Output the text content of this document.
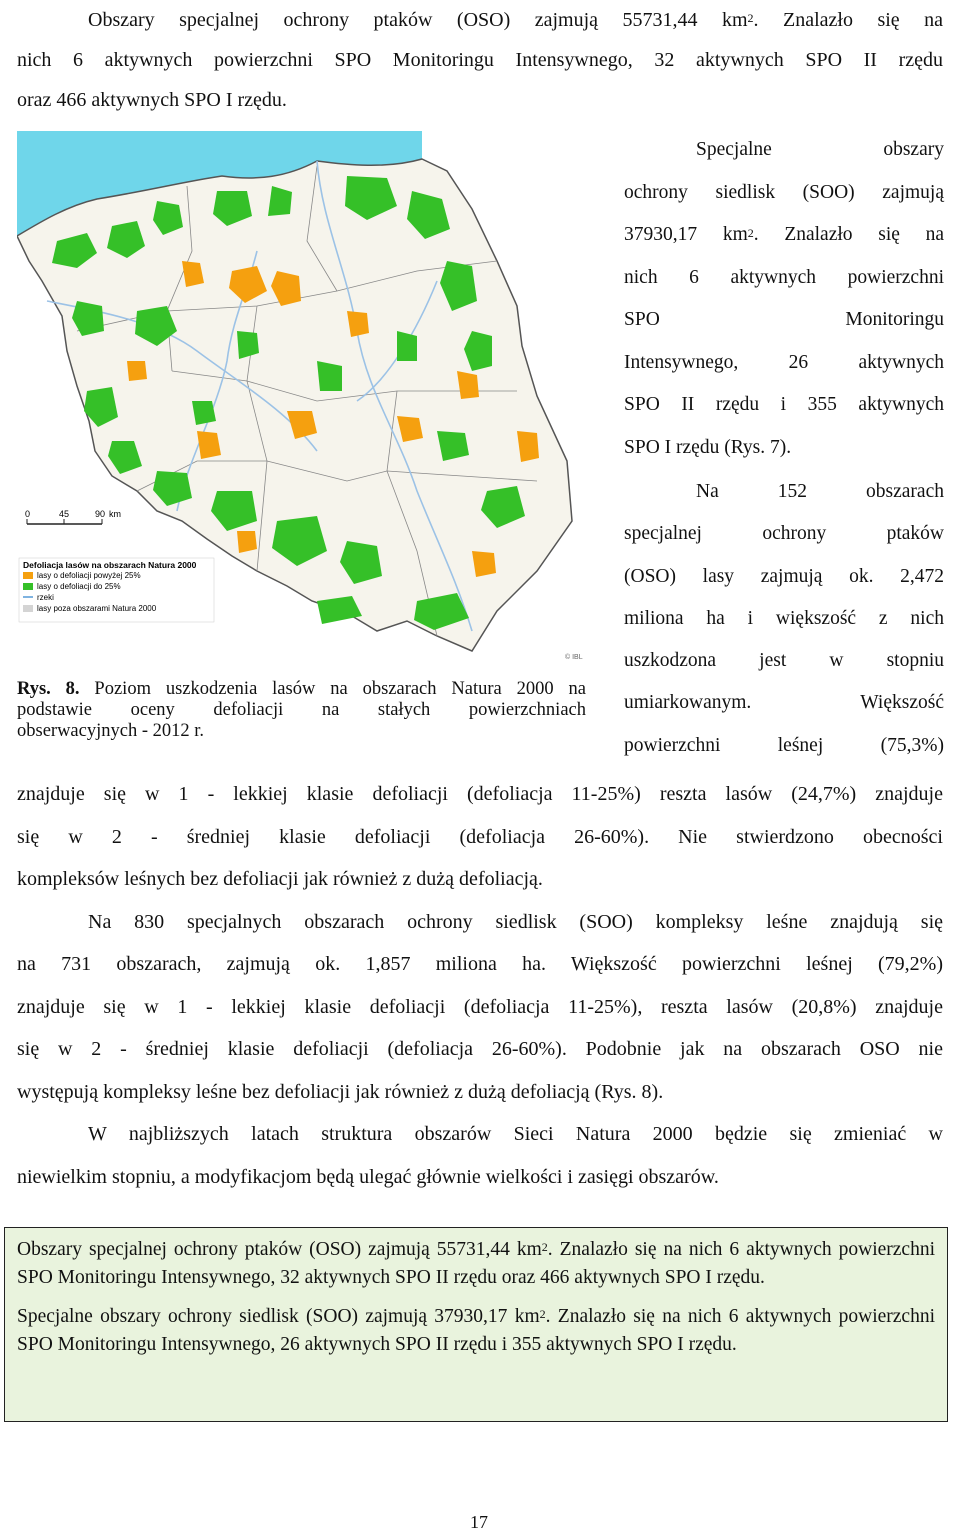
Obszary specjalnej ochrony ptaków (OSO) zajmują 55731,44 $km^2$. Znalazło się na

nich 6 aktywnych powierzchni SPO Monitoringu Intensywnego, 32 aktywnych SPO II rzędu

oraz 466 aktywnych SPO I rzędu.

0	45	90 km
Defoliacja lasów na obszarach Natura 2000
lasy o defoliacji powyżej 25%
lasy o defoliacji do 25%
rzeki
lasy poza obszarami Natura 2000
© IBL

Specjalne obszary

ochrony siedlisk (SOO) zajmują

37930,17 $km^2$. Znalazło się na

nich 6 aktywnych powierzchni

SPO Monitoringu

Intensywnego, 26 aktywnych

SPO II rzędu i 355 aktywnych

SPO I rzędu (Rys. 7).

Na 152 obszarach

specjalnej ochrony ptaków

(OSO) lasy zajmują ok. 2,472

miliona ha i większość z nich

uszkodzona jest w stopniu

umiarkowanym. Większość

powierzchni leśnej (75,3%)

Rys. 8. Poziom uszkodzenia lasów na obszarach Natura 2000 na
podstawie oceny defoliacji na stałych powierzchniach
obserwacyjnych - 2012 r.

znajduje się w 1 - lekkiej klasie defoliacji (defoliacja 11-25%) reszta lasów (24,7%) znajduje

się w 2 - średniej klasie defoliacji (defoliacja 26-60%). Nie stwierdzono obecności

kompleksów leśnych bez defoliacji jak również z dużą defoliacją.

Na 830 specjalnych obszarach ochrony siedlisk (SOO) kompleksy leśne znajdują się

na 731 obszarach, zajmują ok. 1,857 miliona ha. Większość powierzchni leśnej (79,2%)

znajduje się w 1 - lekkiej klasie defoliacji (defoliacja 11-25%), reszta lasów (20,8%) znajduje

się w 2 - średniej klasie defoliacji (defoliacja 26-60%). Podobnie jak na obszarach OSO nie

występują kompleksy leśne bez defoliacji jak również z dużą defoliacją (Rys. 8).

W najbliższych latach struktura obszarów Sieci Natura 2000 będzie się zmieniać w

niewielkim stopniu, a modyfikacjom będą ulegać głównie wielkości i zasięgi obszarów.

Obszary specjalnej ochrony ptaków (OSO) zajmują 55731,44 $km^2$. Znalazło się na nich 6 aktywnych powierzchni SPO Monitoringu Intensywnego, 32 aktywnych SPO II rzędu oraz 466 aktywnych SPO I rzędu.

Specjalne obszary ochrony siedlisk (SOO) zajmują 37930,17 $km^2$. Znalazło się na nich 6 aktywnych powierzchni SPO Monitoringu Intensywnego, 26 aktywnych SPO II rzędu i 355 aktywnych SPO I rzędu.

17
